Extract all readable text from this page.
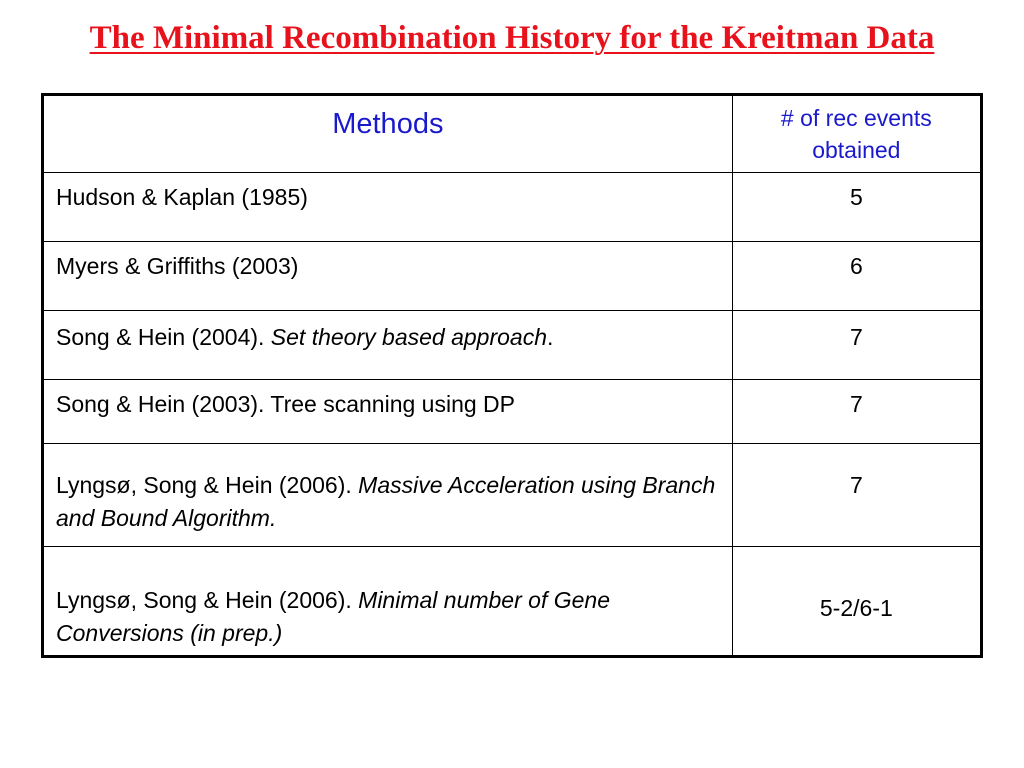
The Minimal Recombination History for the Kreitman Data
Methods	# of rec events
obtained

Hudson & Kaplan (1985)	5
Myers & Griffiths (2003)	6
Song & Hein (2004). Set theory based approach.	7
Song & Hein (2003). Tree scanning using DP	7
Lyngsø, Song & Hein (2006). Massive Acceleration using Branch and Bound Algorithm.	7
Lyngsø, Song & Hein (2006). Minimal number of Gene Conversions (in prep.)	5-2/6-1
